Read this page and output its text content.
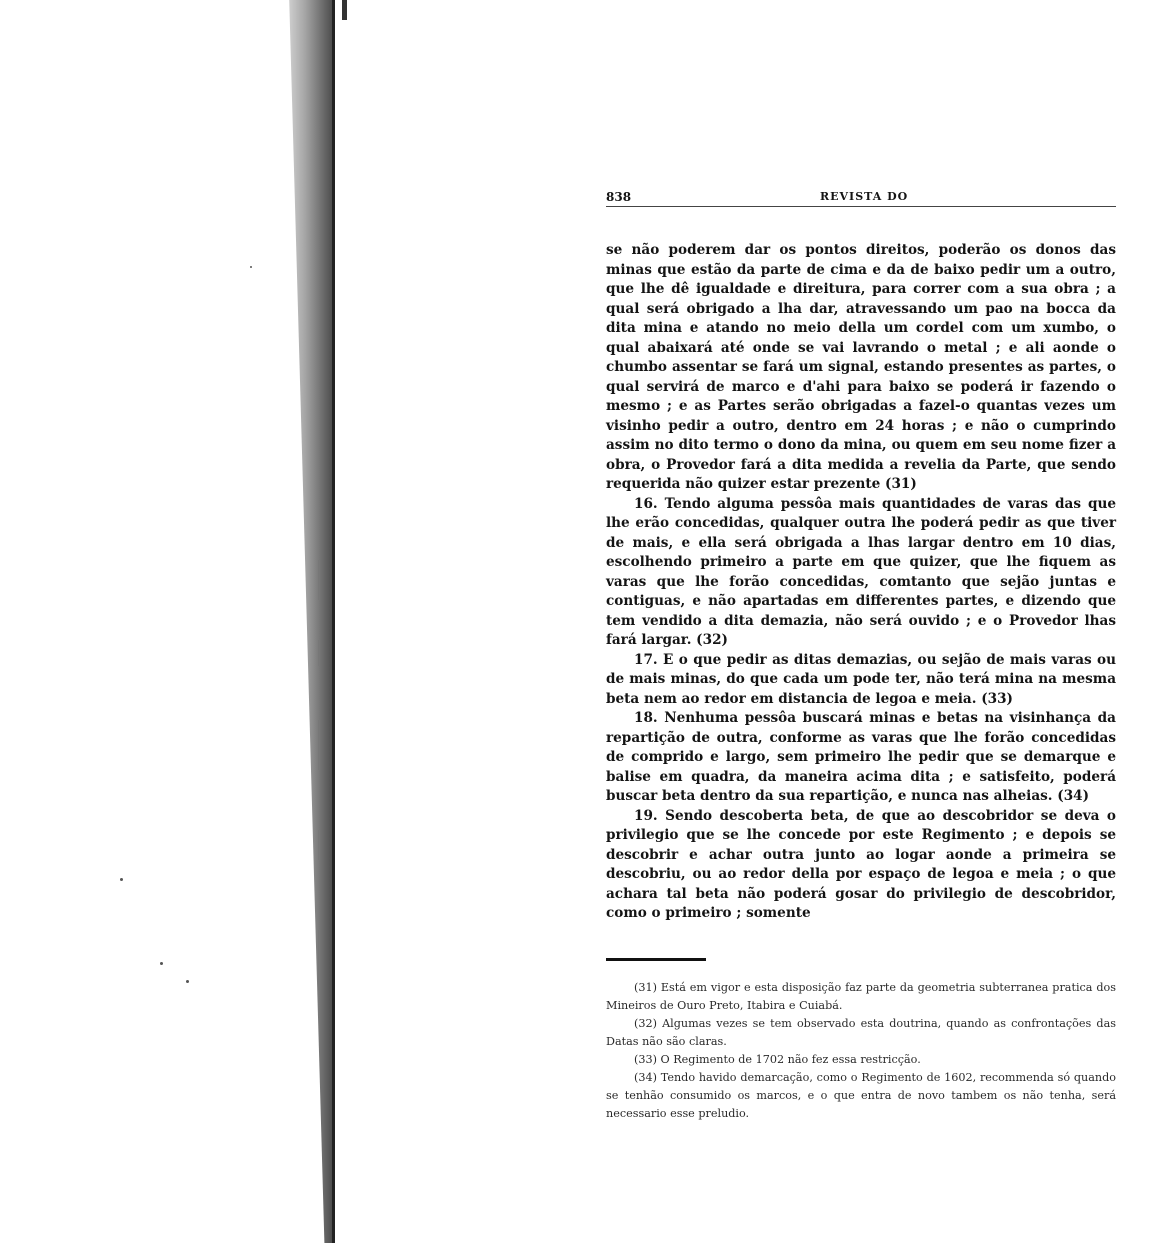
838	REVISTA DO

se não poderem dar os pontos direitos, poderão os donos das minas que estão da parte de cima e da de baixo pedir um a outro, que lhe dê igualdade e direitura, para correr com a sua obra ; a qual será obrigado a lha dar, atravessando um pao na bocca da dita mina e atando no meio della um cordel com um xumbo, o qual abaixará até onde se vai lavrando o metal ; e ali aonde o chumbo assentar se fará um signal, estando presentes as partes, o qual servirá de marco e d'ahi para baixo se poderá ir fazendo o mesmo ; e as Partes serão obrigadas a fazel-o quantas vezes um visinho pedir a outro, dentro em 24 horas ; e não o cumprindo assim no dito termo o dono da mina, ou quem em seu nome fizer a obra, o Provedor fará a dita medida a revelia da Parte, que sendo requerida não quizer estar prezente (31)

16. Tendo alguma pessôa mais quantidades de varas das que lhe erão concedidas, qualquer outra lhe poderá pedir as que tiver de mais, e ella será obrigada a lhas largar dentro em 10 dias, escolhendo primeiro a parte em que quizer, que lhe fiquem as varas que lhe forão concedidas, comtanto que sejão juntas e contiguas, e não apartadas em differentes partes, e dizendo que tem vendido a dita demazia, não será ouvido ; e o Provedor lhas fará largar. (32)

17. E o que pedir as ditas demazias, ou sejão de mais varas ou de mais minas, do que cada um pode ter, não terá mina na mesma beta nem ao redor em distancia de legoa e meia. (33)

18. Nenhuma pessôa buscará minas e betas na visinhança da repartição de outra, conforme as varas que lhe forão concedidas de comprido e largo, sem primeiro lhe pedir que se demarque e balise em quadra, da maneira acima dita ; e satisfeito, poderá buscar beta dentro da sua repartição, e nunca nas alheias. (34)

19. Sendo descoberta beta, de que ao descobridor se deva o privilegio que se lhe concede por este Regimento ; e depois se descobrir e achar outra junto ao logar aonde a primeira se descobriu, ou ao redor della por espaço de legoa e meia ; o que achara tal beta não poderá gosar do privilegio de descobridor, como o primeiro ; somente

(31) Está em vigor e esta disposição faz parte da geometria subterranea pratica dos Mineiros de Ouro Preto, Itabira e Cuiabá.

(32) Algumas vezes se tem observado esta doutrina, quando as confrontações das Datas não são claras.

(33) O Regimento de 1702 não fez essa restricção.

(34) Tendo havido demarcação, como o Regimento de 1602, recommenda só quando se tenhão consumido os marcos, e o que entra de novo tambem os não tenha, será necessario esse preludio.
